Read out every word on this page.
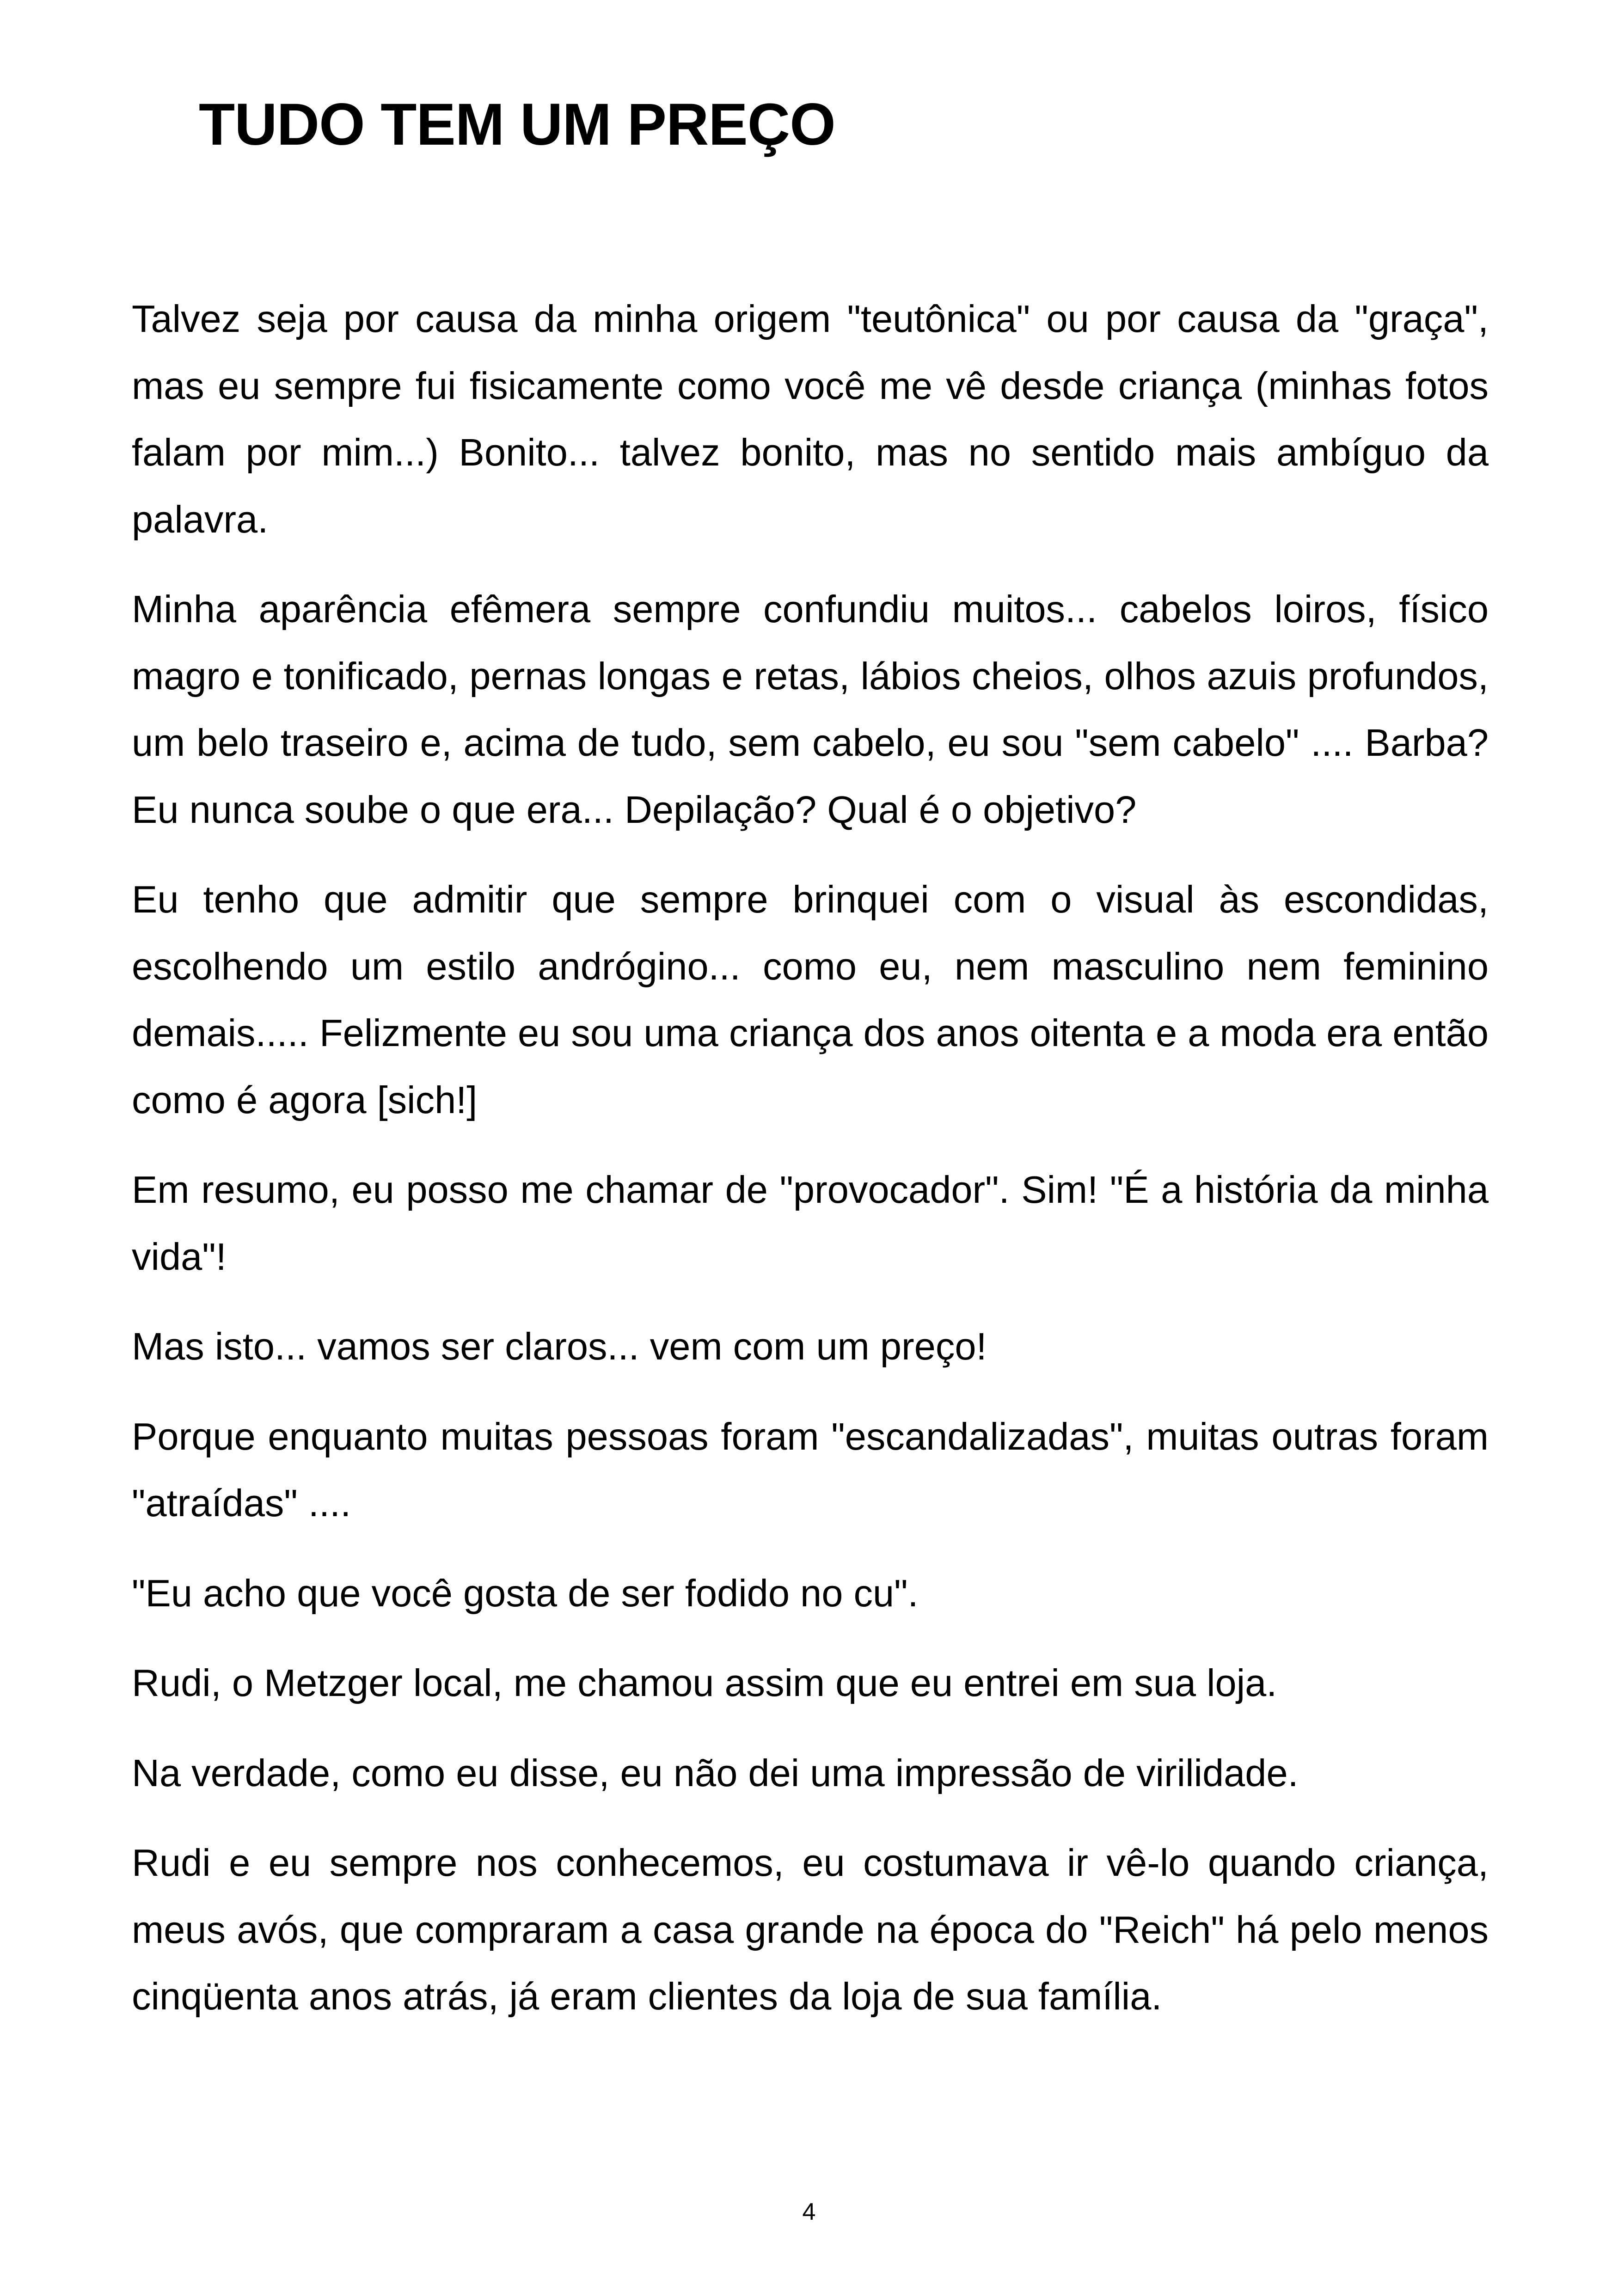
TUDO TEM UM PREÇO

Talvez seja por causa da minha origem "teutônica" ou por causa da "graça", mas eu sempre fui fisicamente como você me vê desde criança (minhas fotos falam por mim...) Bonito... talvez bonito, mas no sentido mais ambíguo da palavra.

Minha aparência efêmera sempre confundiu muitos... cabelos loiros, físico magro e tonificado, pernas longas e retas, lábios cheios, olhos azuis profundos, um belo traseiro e, acima de tudo, sem cabelo, eu sou "sem cabelo" .... Barba? Eu nunca soube o que era... Depilação? Qual é o objetivo?

Eu tenho que admitir que sempre brinquei com o visual às escondidas, escolhendo um estilo andrógino... como eu, nem masculino nem feminino demais..... Felizmente eu sou uma criança dos anos oitenta e a moda era então como é agora [sich!]

Em resumo, eu posso me chamar de "provocador". Sim! "É a história da minha vida"!

Mas isto... vamos ser claros... vem com um preço!

Porque enquanto muitas pessoas foram "escandalizadas", muitas outras foram "atraídas" ....

"Eu acho que você gosta de ser fodido no cu".

Rudi, o Metzger local, me chamou assim que eu entrei em sua loja.

Na verdade, como eu disse, eu não dei uma impressão de virilidade.

Rudi e eu sempre nos conhecemos, eu costumava ir vê-lo quando criança, meus avós, que compraram a casa grande na época do "Reich" há pelo menos cinqüenta anos atrás, já eram clientes da loja de sua família.

4
